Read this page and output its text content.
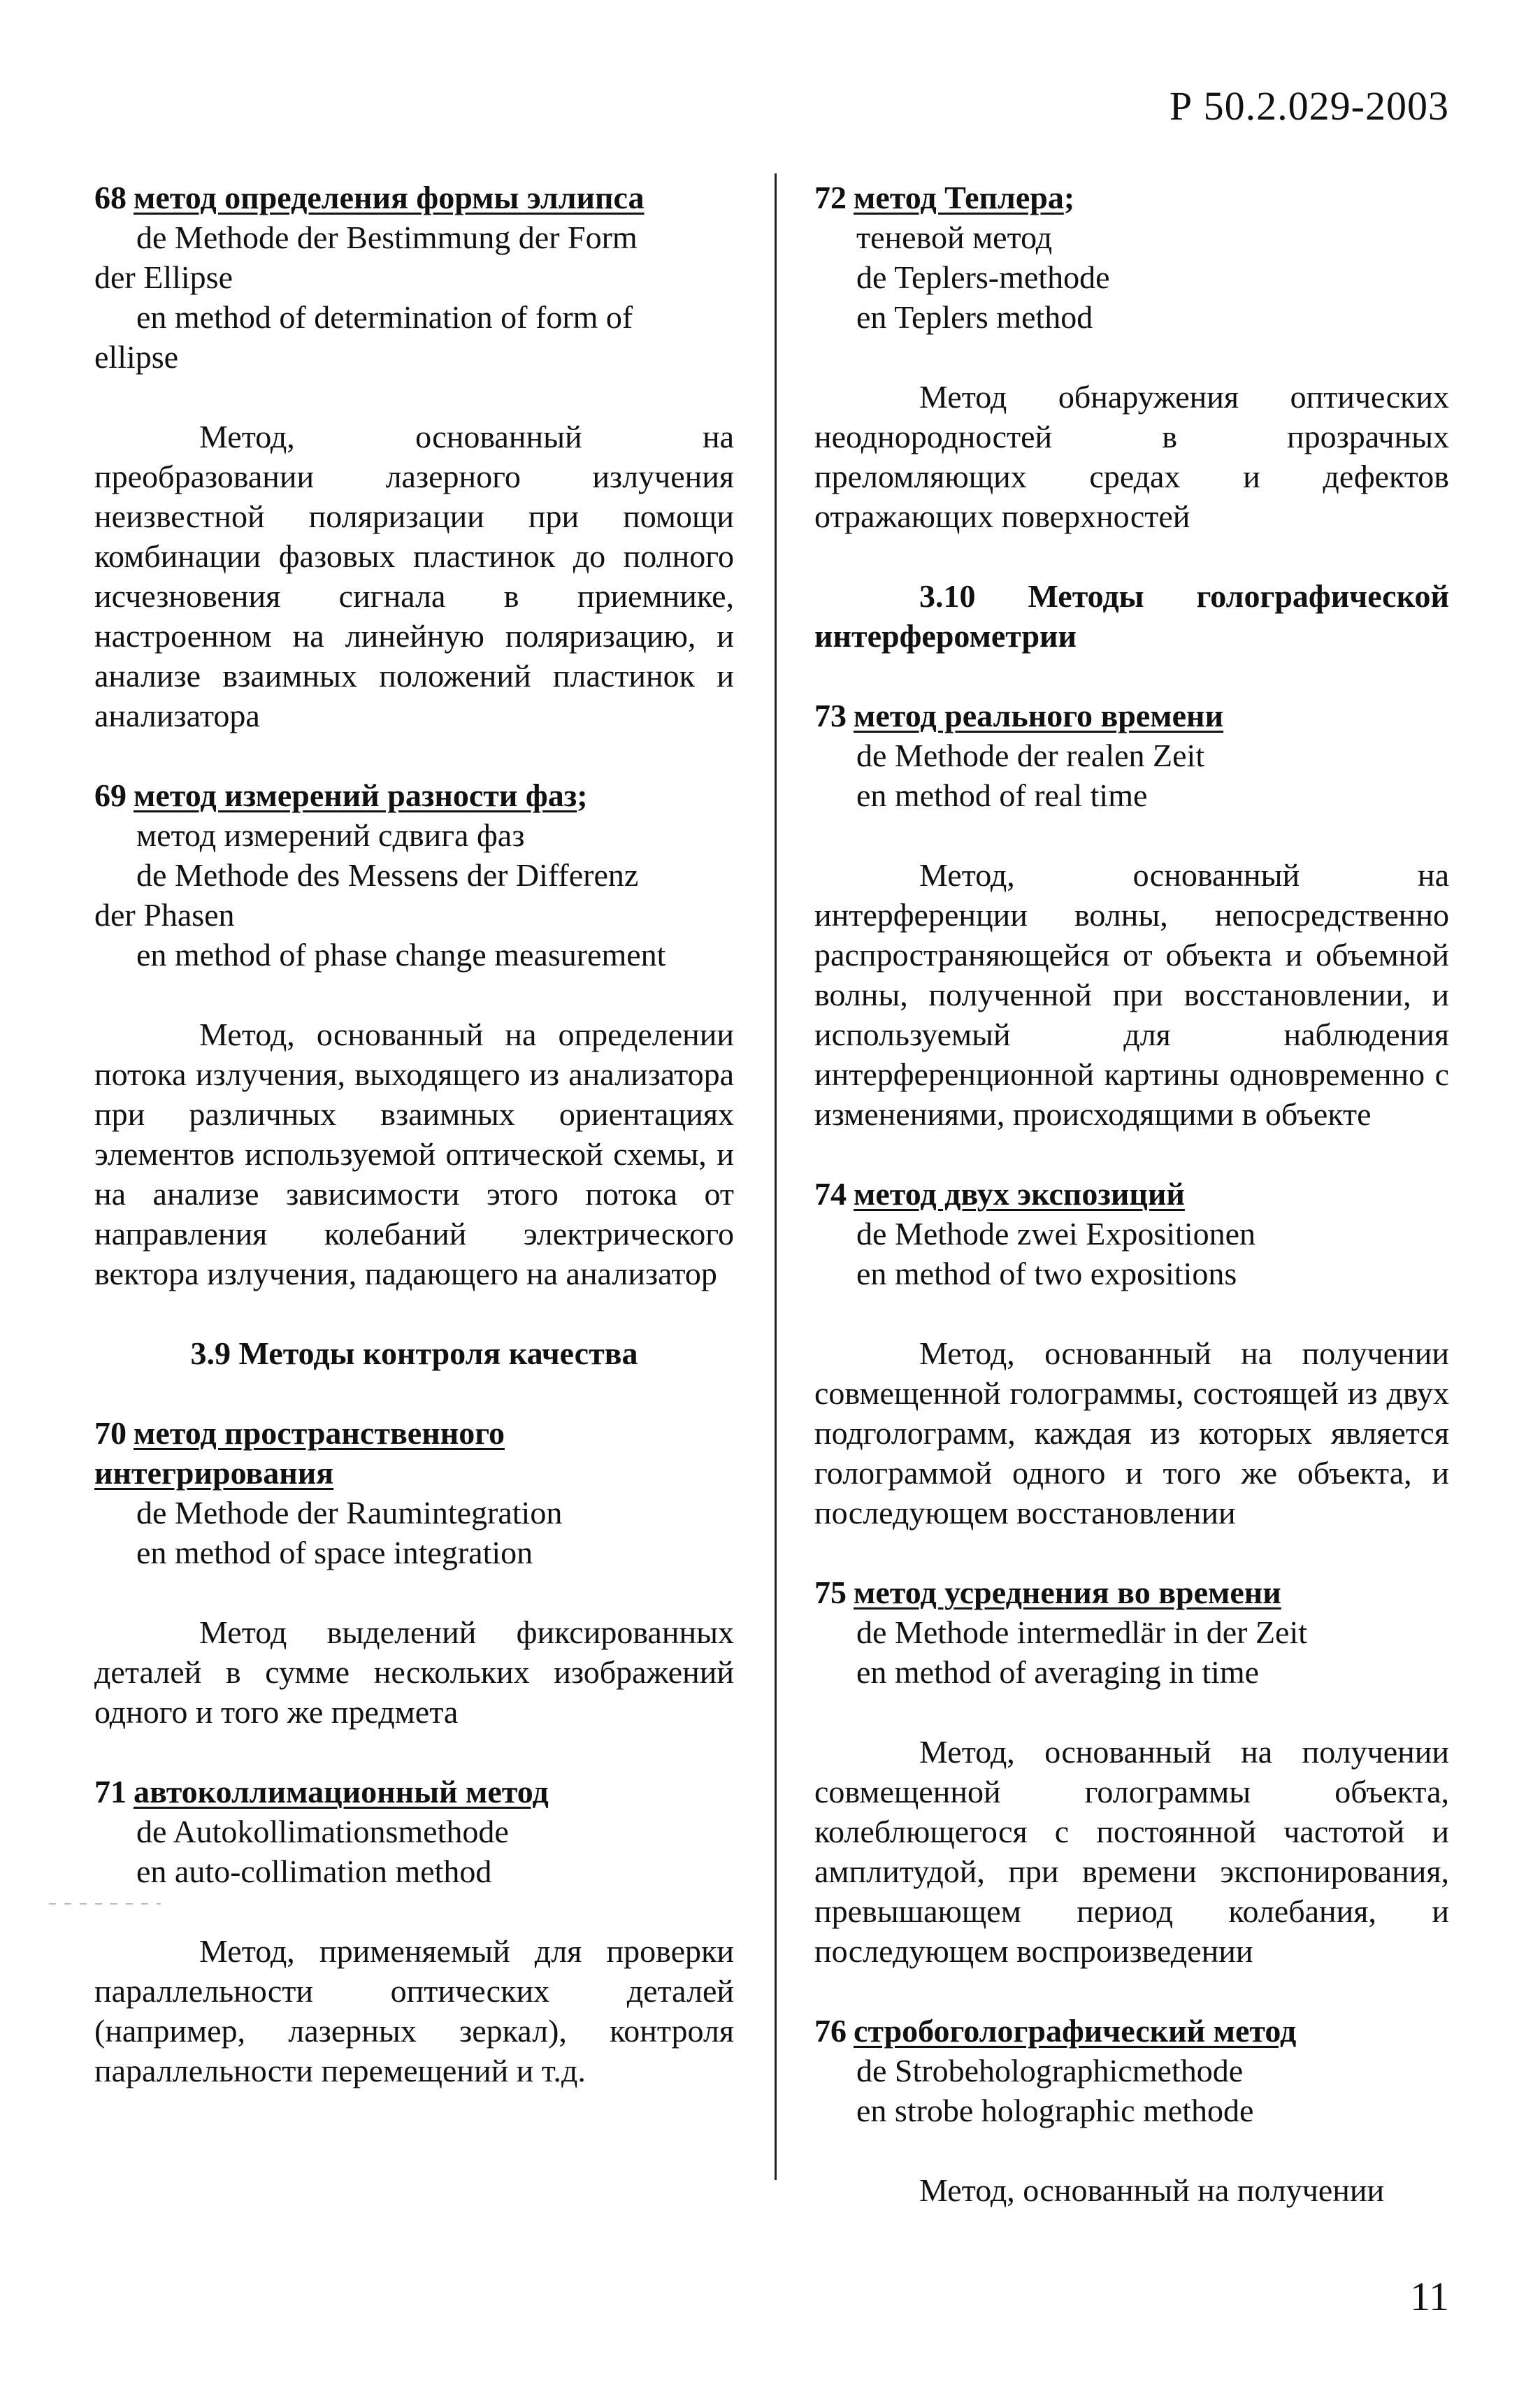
Р 50.2.029-2003

68 метод определения формы эллипса

de Methode der Bestimmung der Form

der Ellipse

en method of determination of form of

ellipse

Метод, основанный на преобразовании лазерного излучения неизвестной поляризации при помощи комбинации фазовых пластинок до полного исчезновения сигнала в приемнике, настроенном на линейную поляризацию, и анализе взаимных положений пластинок и анализатора

69 метод измерений разности фаз;

метод измерений сдвига фаз

de Methode des Messens der Differenz

der Phasen

en method of phase change measurement

Метод, основанный на определении потока излучения, выходящего из анализатора при различных взаимных ориентациях элементов используемой оптической схемы, и на анализе зависимости этого потока от направления колебаний электрического вектора излучения, падающего на анализатор

3.9 Методы контроля качества

70 метод пространственного интегрирования

de Methode der Raumintegration

en method of space integration

Метод выделений фиксированных деталей в сумме нескольких изображений одного и того же предмета

71 автоколлимационный метод

de Autokollimationsmethode

en auto-collimation method

Метод, применяемый для проверки параллельности оптических деталей (например, лазерных зеркал), контроля параллельности перемещений и т.д.

72 метод Теплера;

теневой метод

de Teplers-methode

en Teplers method

Метод обнаружения оптических неоднородностей в прозрачных преломляющих средах и дефектов отражающих поверхностей

3.10 Методы голографической интерферометрии

73 метод реального времени

de Methode der realen Zeit

en method of real time

Метод, основанный на интерференции волны, непосредственно распространяющейся от объекта и объемной волны, полученной при восстановлении, и используемый для наблюдения интерференционной картины одновременно с изменениями, происходящими в объекте

74 метод двух экспозиций

de Methode zwei Expositionen

en method of two expositions

Метод, основанный на получении совмещенной голограммы, состоящей из двух подголограмм, каждая из которых является голограммой одного и того же объекта, и последующем восстановлении

75 метод усреднения во времени

de Methode intermedlär in der Zeit

en method of averaging in time

Метод, основанный на получении совмещенной голограммы объекта, колеблющегося с постоянной частотой и амплитудой, при времени экспонирования, превышающем период колебания, и последующем воспроизведении

76 стробоголографический метод

de Strobeholographicmethode

en strobe holographic methode

Метод, основанный на получении

11
